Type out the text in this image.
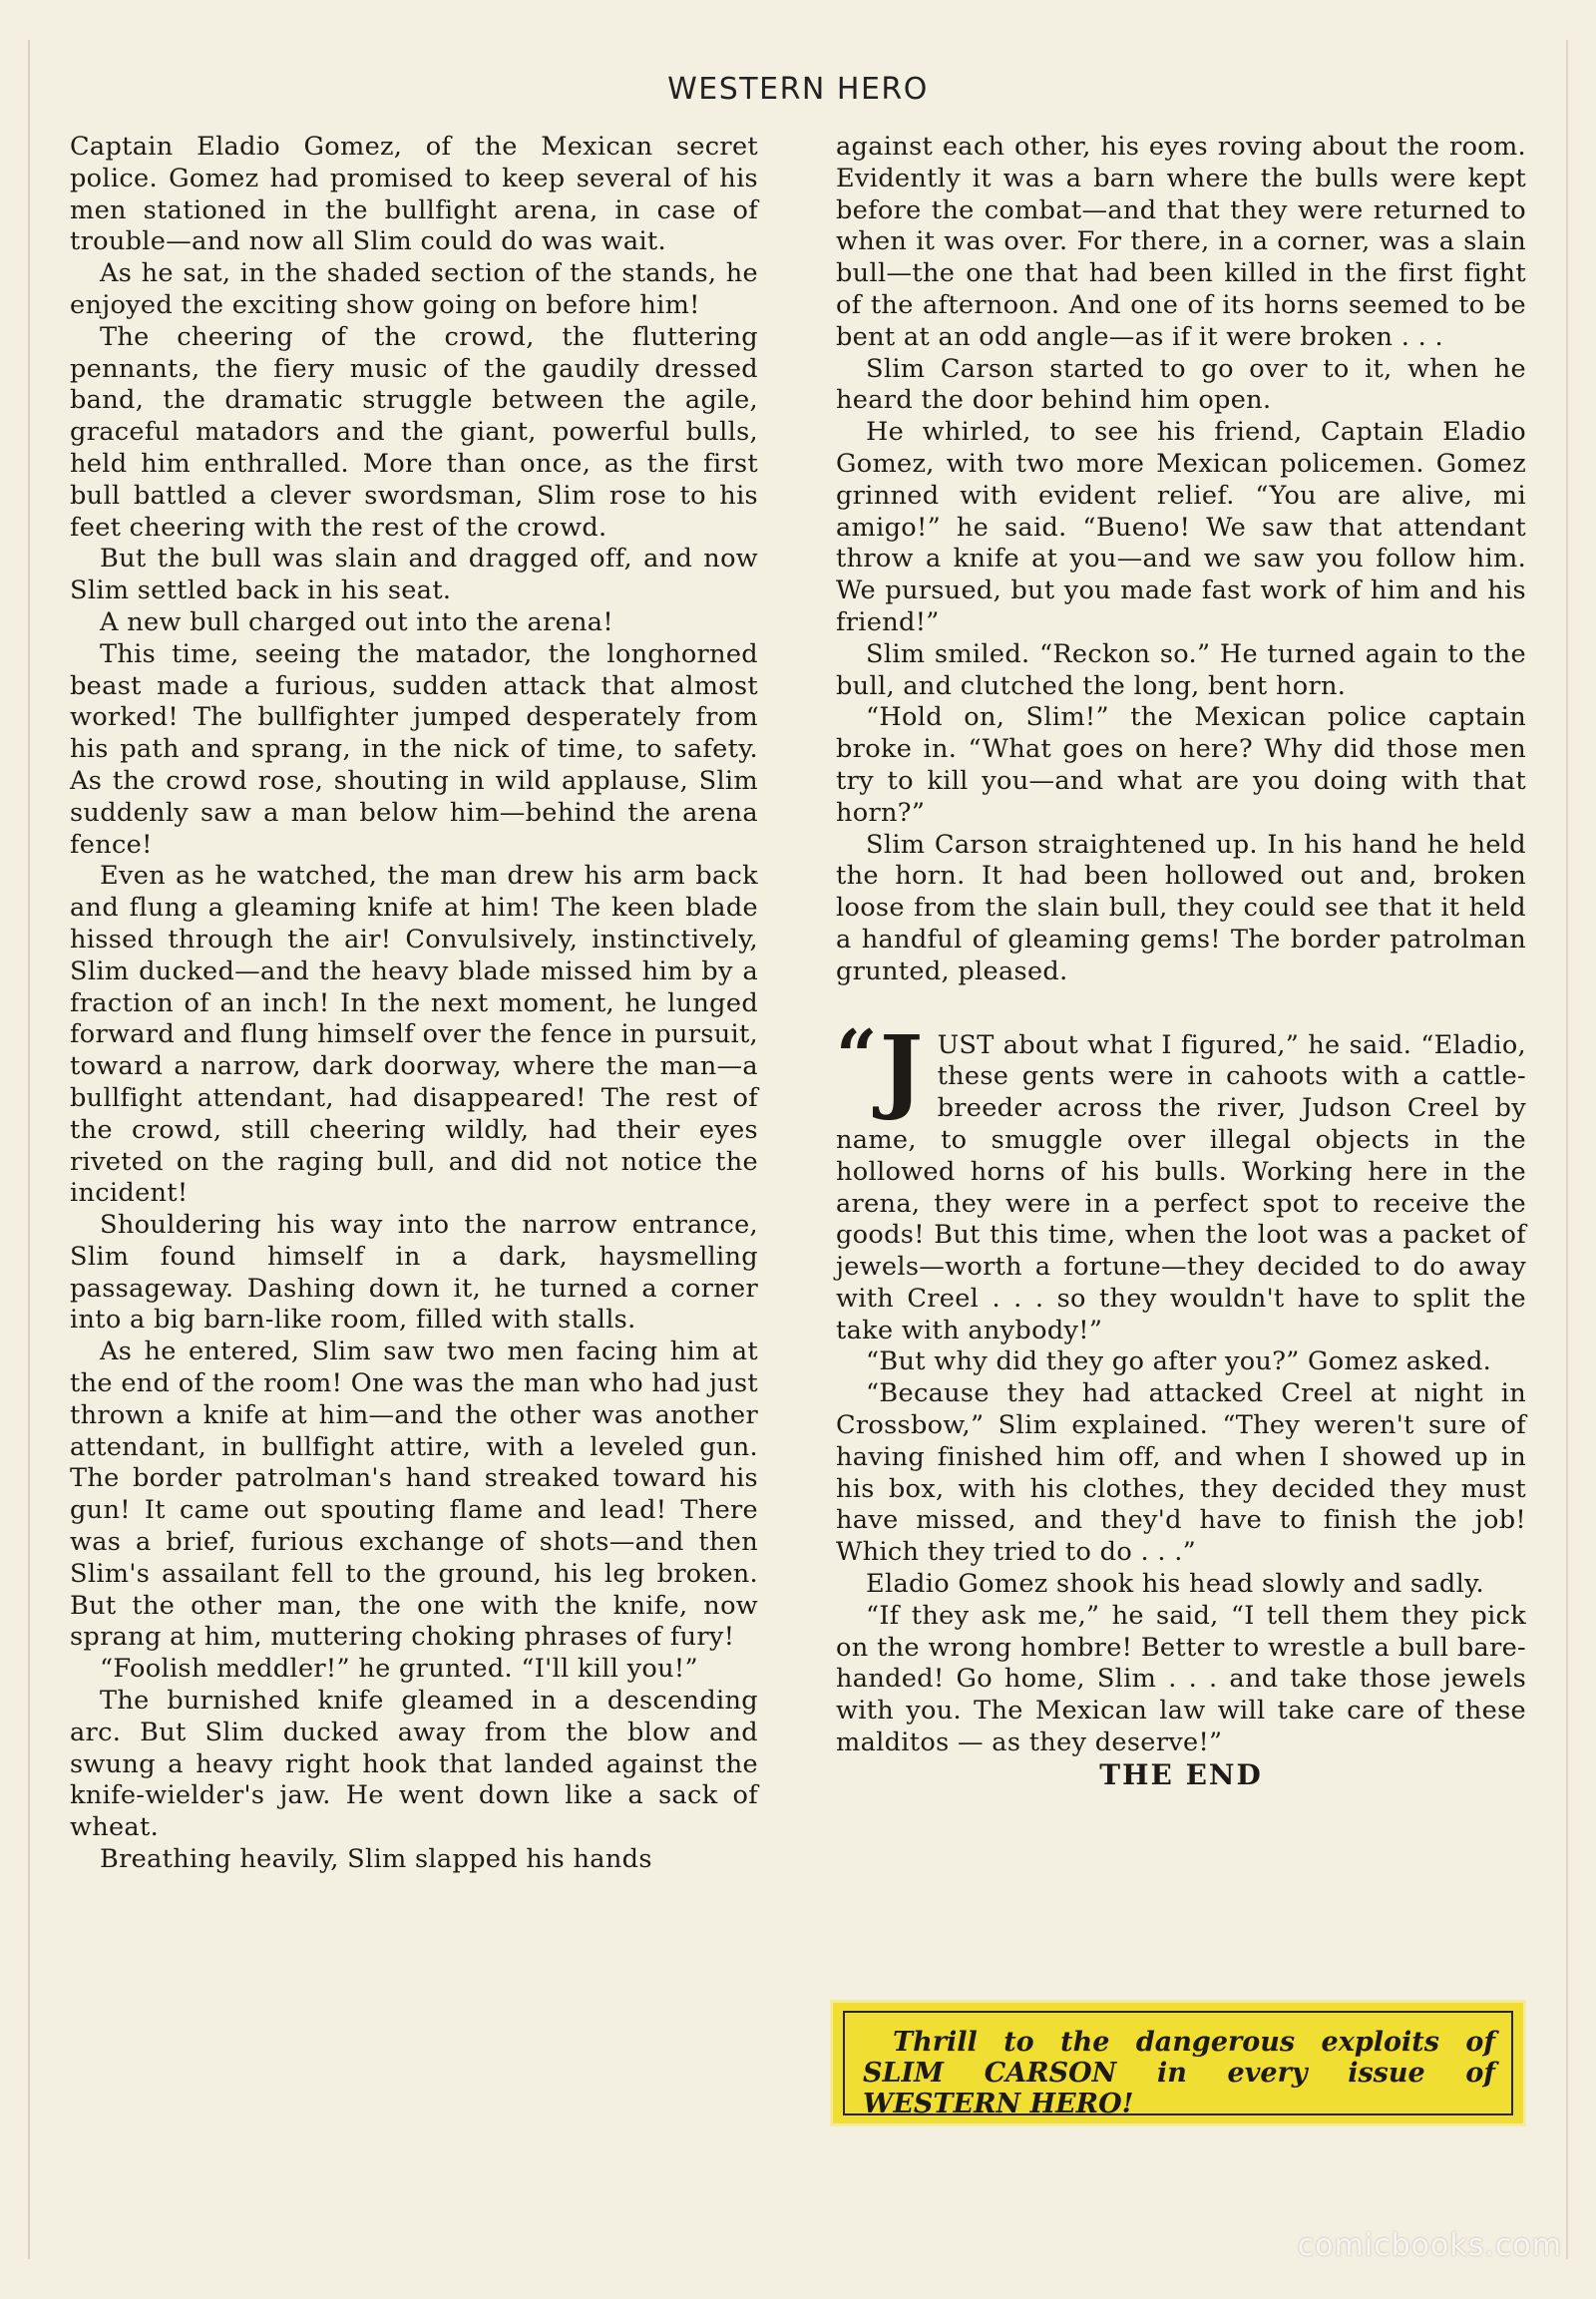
WESTERN HERO

Captain Eladio Gomez, of the Mexican secret police. Gomez had promised to keep several of his men stationed in the bullfight arena, in case of trouble—and now all Slim could do was wait.

As he sat, in the shaded section of the stands, he enjoyed the exciting show going on before him!

The cheering of the crowd, the fluttering pennants, the fiery music of the gaudily dressed band, the dramatic struggle between the agile, graceful matadors and the giant, powerful bulls, held him enthralled. More than once, as the first bull battled a clever swordsman, Slim rose to his feet cheering with the rest of the crowd.

But the bull was slain and dragged off, and now Slim settled back in his seat.

A new bull charged out into the arena!

This time, seeing the matador, the longhorned beast made a furious, sudden attack that almost worked! The bullfighter jumped desperately from his path and sprang, in the nick of time, to safety. As the crowd rose, shouting in wild applause, Slim suddenly saw a man below him—behind the arena fence!

Even as he watched, the man drew his arm back and flung a gleaming knife at him! The keen blade hissed through the air! Convulsively, instinctively, Slim ducked—and the heavy blade missed him by a fraction of an inch! In the next moment, he lunged forward and flung himself over the fence in pursuit, toward a narrow, dark doorway, where the man—a bullfight attendant, had disappeared! The rest of the crowd, still cheering wildly, had their eyes riveted on the raging bull, and did not notice the incident!

Shouldering his way into the narrow entrance, Slim found himself in a dark, haysmelling passageway. Dashing down it, he turned a corner into a big barn-like room, filled with stalls.

As he entered, Slim saw two men facing him at the end of the room! One was the man who had just thrown a knife at him—and the other was another attendant, in bullfight attire, with a leveled gun. The border patrolman's hand streaked toward his gun! It came out spouting flame and lead! There was a brief, furious exchange of shots—and then Slim's assailant fell to the ground, his leg broken. But the other man, the one with the knife, now sprang at him, muttering choking phrases of fury!

“Foolish meddler!” he grunted. “I'll kill you!”

The burnished knife gleamed in a descending arc. But Slim ducked away from the blow and swung a heavy right hook that landed against the knife-wielder's jaw. He went down like a sack of wheat.

Breathing heavily, Slim slapped his hands

against each other, his eyes roving about the room. Evidently it was a barn where the bulls were kept before the combat—and that they were returned to when it was over. For there, in a corner, was a slain bull—the one that had been killed in the first fight of the afternoon. And one of its horns seemed to be bent at an odd angle—as if it were broken . . .

Slim Carson started to go over to it, when he heard the door behind him open.

He whirled, to see his friend, Captain Eladio Gomez, with two more Mexican policemen. Gomez grinned with evident relief. “You are alive, mi amigo!” he said. “Bueno! We saw that attendant throw a knife at you—and we saw you follow him. We pursued, but you made fast work of him and his friend!”

Slim smiled. “Reckon so.” He turned again to the bull, and clutched the long, bent horn.

“Hold on, Slim!” the Mexican police captain broke in. “What goes on here? Why did those men try to kill you—and what are you doing with that horn?”

Slim Carson straightened up. In his hand he held the horn. It had been hollowed out and, broken loose from the slain bull, they could see that it held a handful of gleaming gems! The border patrolman grunted, pleased.

“ J UST about what I figured,” he said. “Eladio, these gents were in cahoots with a cattle-breeder across the river, Judson Creel by name, to smuggle over illegal objects in the hollowed horns of his bulls. Working here in the arena, they were in a perfect spot to receive the goods! But this time, when the loot was a packet of jewels—worth a fortune—they decided to do away with Creel . . . so they wouldn't have to split the take with anybody!”

“But why did they go after you?” Gomez asked.

“Because they had attacked Creel at night in Crossbow,” Slim explained. “They weren't sure of having finished him off, and when I showed up in his box, with his clothes, they decided they must have missed, and they'd have to finish the job! Which they tried to do . . .”

Eladio Gomez shook his head slowly and sadly.

“If they ask me,” he said, “I tell them they pick on the wrong hombre! Better to wrestle a bull bare-handed! Go home, Slim . . . and take those jewels with you. The Mexican law will take care of these malditos — as they deserve!”

THE END

Thrill to the dangerous exploits of SLIM CARSON in every issue of WESTERN HERO!
comicbooks.com
